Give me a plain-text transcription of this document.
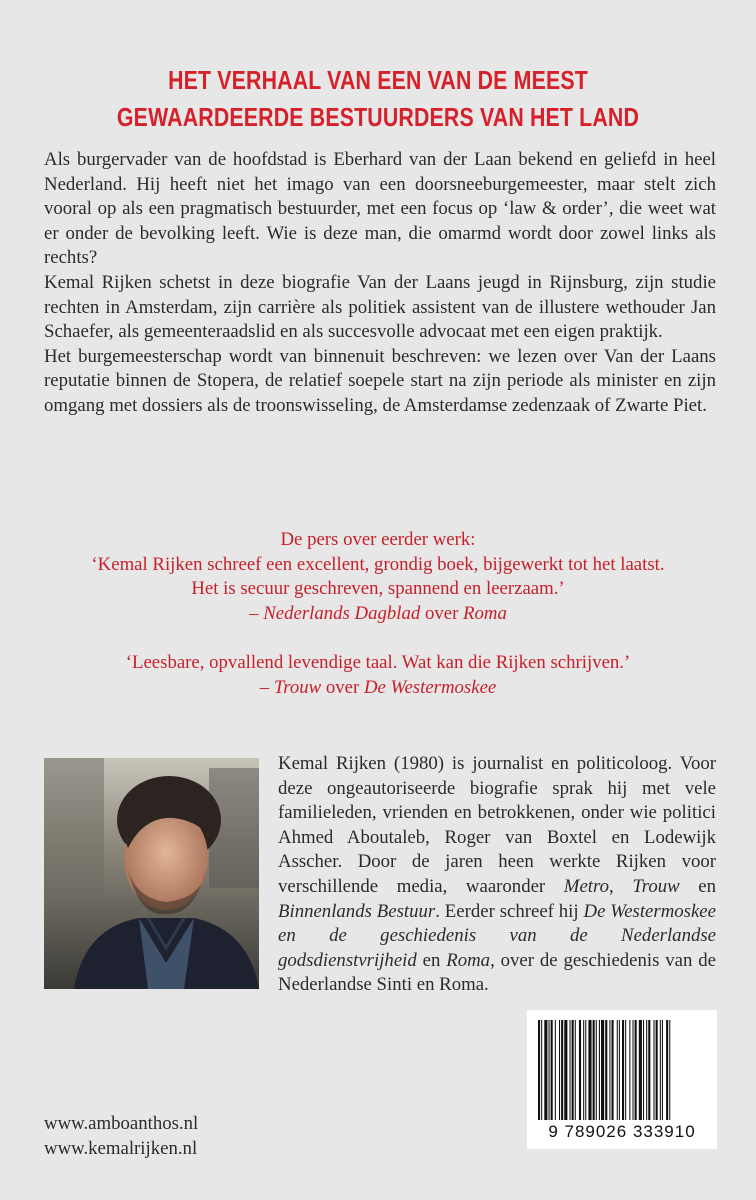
HET VERHAAL VAN EEN VAN DE MEEST
GEWAARDEERDE BESTUURDERS VAN HET LAND

Als burgervader van de hoofdstad is Eberhard van der Laan bekend en geliefd in heel Nederland. Hij heeft niet het imago van een doorsneeburgemeester, maar stelt zich vooral op als een pragmatisch bestuurder, met een focus op ‘law & order’, die weet wat er onder de bevolking leeft. Wie is deze man, die omarmd wordt door zowel links als rechts?

Kemal Rijken schetst in deze biografie Van der Laans jeugd in Rijnsburg, zijn studie rechten in Amsterdam, zijn carrière als politiek assistent van de illustere wethouder Jan Schaefer, als gemeenteraadslid en als succesvolle advocaat met een eigen praktijk.

Het burgemeesterschap wordt van binnenuit beschreven: we lezen over Van der Laans reputatie binnen de Stopera, de relatief soepele start na zijn periode als minister en zijn omgang met dossiers als de troonswisseling, de Amsterdamse zedenzaak of Zwarte Piet.

De pers over eerder werk:

‘Kemal Rijken schreef een excellent, grondig boek, bijgewerkt tot het laatst.

Het is secuur geschreven, spannend en leerzaam.’

– Nederlands Dagblad over Roma

‘Leesbare, opvallend levendige taal. Wat kan die Rijken schrijven.’

– Trouw over De Westermoskee

Kemal Rijken (1980) is journalist en politicoloog. Voor deze ongeautoriseerde biografie sprak hij met vele familieleden, vrienden en betrokkenen, onder wie politici Ahmed Aboutaleb, Roger van Boxtel en Lodewijk Asscher. Door de jaren heen werkte Rijken voor verschillende media, waaronder Metro, Trouw en Binnenlands Bestuur. Eerder schreef hij De Westermoskee en de geschiedenis van de Nederlandse godsdienstvrijheid en Roma, over de geschiedenis van de Nederlandse Sinti en Roma.

www.amboanthos.nl
www.kemalrijken.nl
9 789026 333910
